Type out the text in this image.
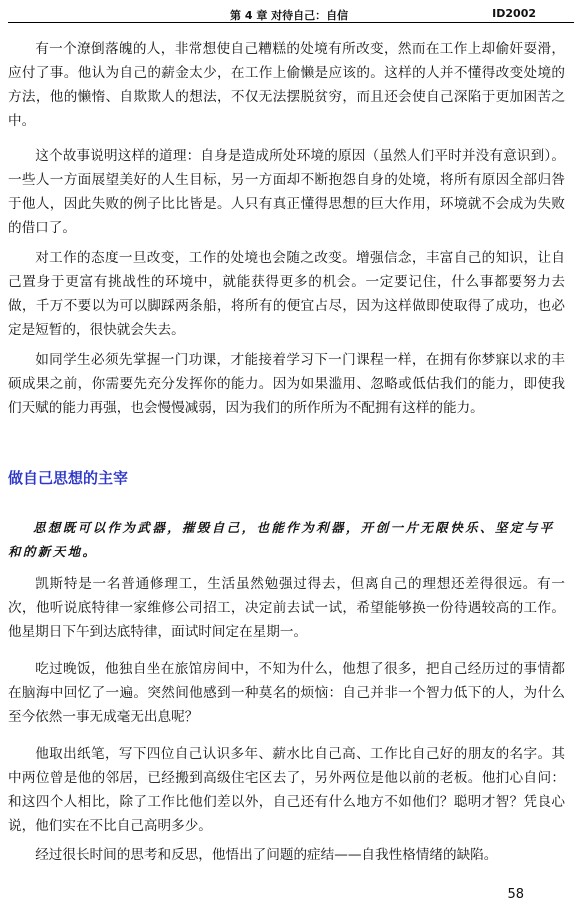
第 4 章 对待自己：自信	ID2002

有一个潦倒落魄的人，非常想使自己糟糕的处境有所改变，然而在工作上却偷奸耍滑，应付了事。他认为自己的薪金太少，在工作上偷懒是应该的。这样的人并不懂得改变处境的方法，他的懒惰、自欺欺人的想法，不仅无法摆脱贫穷，而且还会使自己深陷于更加困苦之中。

这个故事说明这样的道理：自身是造成所处环境的原因（虽然人们平时并没有意识到）。一些人一方面展望美好的人生目标，另一方面却不断抱怨自身的处境，将所有原因全部归咎于他人，因此失败的例子比比皆是。人只有真正懂得思想的巨大作用，环境就不会成为失败的借口了。

对工作的态度一旦改变，工作的处境也会随之改变。增强信念，丰富自己的知识，让自己置身于更富有挑战性的环境中，就能获得更多的机会。一定要记住，什么事都要努力去做，千万不要以为可以脚踩两条船，将所有的便宜占尽，因为这样做即使取得了成功，也必定是短暂的，很快就会失去。

如同学生必须先掌握一门功课，才能接着学习下一门课程一样，在拥有你梦寐以求的丰硕成果之前，你需要先充分发挥你的能力。因为如果滥用、忽略或低估我们的能力，即使我们天赋的能力再强，也会慢慢减弱，因为我们的所作所为不配拥有这样的能力。

做自己思想的主宰

思想既可以作为武器，摧毁自己，也能作为利器，开创一片无限快乐、坚定与平和的新天地。

凯斯特是一名普通修理工，生活虽然勉强过得去，但离自己的理想还差得很远。有一次，他听说底特律一家维修公司招工，决定前去试一试，希望能够换一份待遇较高的工作。他星期日下午到达底特律，面试时间定在星期一。

吃过晚饭，他独自坐在旅馆房间中，不知为什么，他想了很多，把自己经历过的事情都在脑海中回忆了一遍。突然间他感到一种莫名的烦恼：自己并非一个智力低下的人，为什么至今依然一事无成毫无出息呢？

他取出纸笔，写下四位自己认识多年、薪水比自己高、工作比自己好的朋友的名字。其中两位曾是他的邻居，已经搬到高级住宅区去了，另外两位是他以前的老板。他扪心自问：和这四个人相比，除了工作比他们差以外，自己还有什么地方不如他们？聪明才智？凭良心说，他们实在不比自己高明多少。

经过很长时间的思考和反思，他悟出了问题的症结——自我性格情绪的缺陷。

58
